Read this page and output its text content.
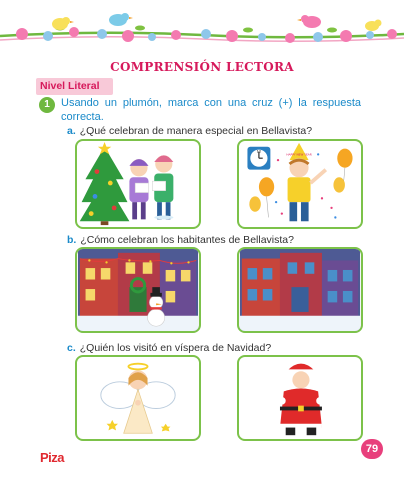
COMPRENSIÓN LECTORA
Nivel Literal
1	Usando un plumón, marca con una cruz (+) la respuesta correcta.
a. ¿Qué celebran de manera especial en Bellavista?
12
HAPPY NEW YEAR
b. ¿Cómo celebran los habitantes de Bellavista?
c. ¿Quién los visitó en víspera de Navidad?
Piza
79
